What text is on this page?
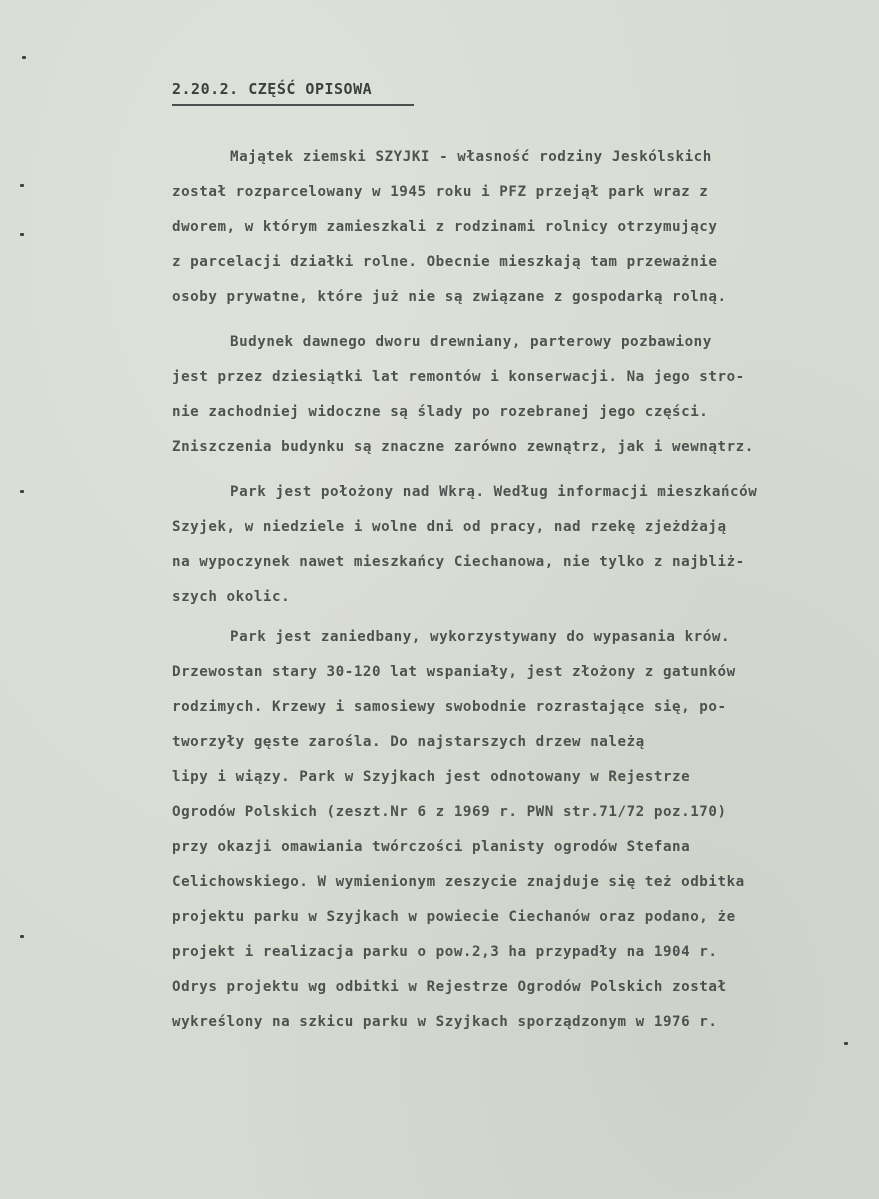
2.20.2. CZĘŚĆ OPISOWA
Majątek ziemski SZYJKI - własność rodziny Jeskólskich
został rozparcelowany w 1945 roku i PFZ przejął park wraz z
dworem, w którym zamieszkali z rodzinami rolnicy otrzymujący
z parcelacji działki rolne. Obecnie mieszkają tam przeważnie
osoby prywatne, które już nie są związane z gospodarką rolną.
Budynek dawnego dworu drewniany, parterowy pozbawiony
jest przez dziesiątki lat remontów i konserwacji. Na jego stro-
nie zachodniej widoczne są ślady po rozebranej jego części.
Zniszczenia budynku są znaczne zarówno zewnątrz, jak i wewnątrz.
Park jest położony nad Wkrą. Według informacji mieszkańców
Szyjek, w niedziele i wolne dni od pracy, nad rzekę zjeżdżają
na wypoczynek nawet mieszkańcy Ciechanowa, nie tylko z najbliż-
szych okolic.
Park jest zaniedbany, wykorzystywany do wypasania krów.
Drzewostan stary 30-120 lat wspaniały, jest złożony z gatunków
rodzimych. Krzewy i samosiewy swobodnie rozrastające się, po-
tworzyły gęste zarośla. Do najstarszych drzew należą
lipy i wiązy. Park w Szyjkach jest odnotowany w Rejestrze
Ogrodów Polskich (zeszt.Nr 6 z 1969 r. PWN str.71/72 poz.170)
przy okazji omawiania twórczości planisty ogrodów Stefana
Celichowskiego. W wymienionym zeszycie znajduje się też odbitka
projektu parku w Szyjkach w powiecie Ciechanów oraz podano, że
projekt i realizacja parku o pow.2,3 ha przypadły na 1904 r.
Odrys projektu wg odbitki w Rejestrze Ogrodów Polskich został
wykreślony na szkicu parku w Szyjkach sporządzonym w 1976 r.
